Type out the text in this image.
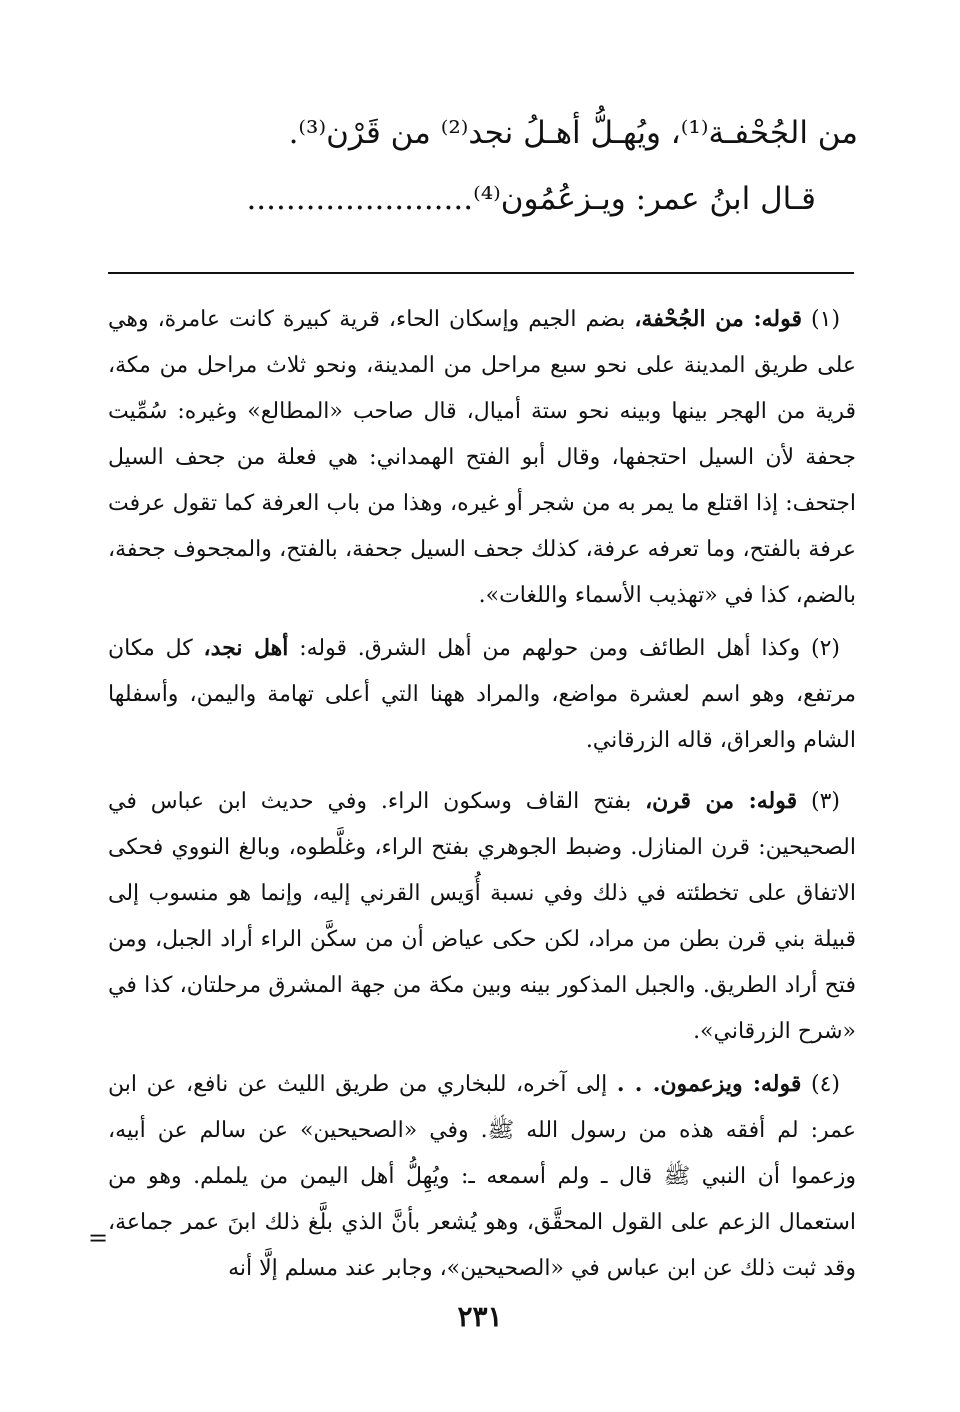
من الجُحْفـة⁽¹⁾، ويُهـلُّ أهـلُ نجد⁽²⁾ من قَرْن⁽³⁾.
قـال ابنُ عمر: ويـزعُمُون⁽⁴⁾.......................

(١) قوله: من الجُحْفة، بضم الجيم وإسكان الحاء، قرية كبيرة كانت عامرة، وهي على طريق المدينة على نحو سبع مراحل من المدينة، ونحو ثلاث مراحل من مكة، قرية من الهجر بينها وبينه نحو ستة أميال، قال صاحب «المطالع» وغيره: سُمِّيت جحفة لأن السيل احتجفها، وقال أبو الفتح الهمداني: هي فعلة من جحف السيل اجتحف: إذا اقتلع ما يمر به من شجر أو غيره، وهذا من باب العرفة كما تقول عرفت عرفة بالفتح، وما تعرفه عرفة، كذلك جحف السيل جحفة، بالفتح، والمجحوف جحفة، بالضم، كذا في «تهذيب الأسماء واللغات».

(٢) وكذا أهل الطائف ومن حولهم من أهل الشرق. قوله: أهل نجد، كل مكان مرتفع، وهو اسم لعشرة مواضع، والمراد ههنا التي أعلى تهامة واليمن، وأسفلها الشام والعراق، قاله الزرقاني.

(٣) قوله: من قرن، بفتح القاف وسكون الراء. وفي حديث ابن عباس في الصحيحين: قرن المنازل. وضبط الجوهري بفتح الراء، وغلَّطوه، وبالغ النووي فحكى الاتفاق على تخطئته في ذلك وفي نسبة أُوَيس القرني إليه، وإنما هو منسوب إلى قبيلة بني قرن بطن من مراد، لكن حكى عياض أن من سكَّن الراء أراد الجبل، ومن فتح أراد الطريق. والجبل المذكور بينه وبين مكة من جهة المشرق مرحلتان، كذا في «شرح الزرقاني».

(٤) قوله: ويزعمون. . . إلى آخره، للبخاري من طريق الليث عن نافع، عن ابن عمر: لم أفقه هذه من رسول الله ﷺ. وفي «الصحيحين» عن سالم عن أبيه، وزعموا أن النبي ﷺ قال ـ ولم أسمعه ـ: ويُهِلُّ أهل اليمن من يلملم. وهو من استعمال الزعم على القول المحقَّق، وهو يُشعر بأنَّ الذي بلَّغ ذلك ابنَ عمر جماعة، وقد ثبت ذلك عن ابن عباس في «الصحيحين»، وجابر عند مسلم إلَّا أنه

=
٢٣١
